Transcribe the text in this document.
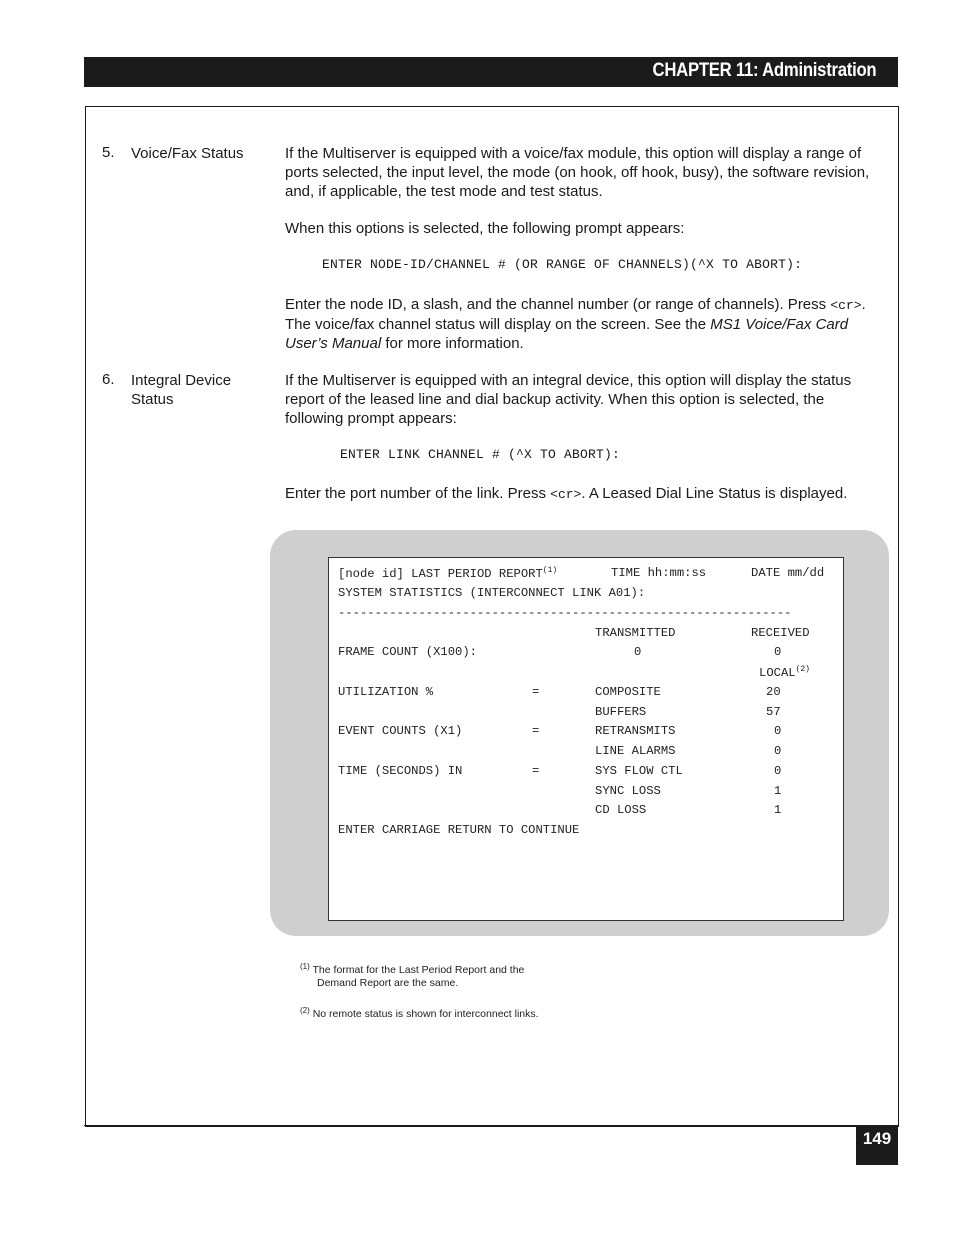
CHAPTER 11: Administration
5. Voice/Fax Status	If the Multiserver is equipped with a voice/fax module, this option will display a range of ports selected, the input level, the mode (on hook, off hook, busy), the software revision, and, if applicable, the test mode and test status.
When this options is selected, the following prompt appears:
ENTER NODE-ID/CHANNEL # (OR RANGE OF CHANNELS)(^X TO ABORT):
Enter the node ID, a slash, and the channel number (or range of channels). Press <cr>. The voice/fax channel status will display on the screen. See the MS1 Voice/Fax Card User’s Manual for more information.
6. Integral Device Status
If the Multiserver is equipped with an integral device, this option will display the status report of the leased line and dial backup activity. When this option is selected, the following prompt appears:
ENTER LINK CHANNEL # (^X TO ABORT):
Enter the port number of the link. Press <cr>. A Leased Dial Line Status is displayed.
[node id] LAST PERIOD REPORT$^{(1)}$	TIME hh:mm:ss	DATE mm/dd
SYSTEM STATISTICS (INTERCONNECT LINK A01):
--------------------------------------------------------------
TRANSMITTED	RECEIVED
FRAME COUNT (X100):	0	0
LOCAL$^{(2)}$
UTILIZATION %	=	COMPOSITE	20
BUFFERS	57
EVENT COUNTS (X1)	=	RETRANSMITS	0
LINE ALARMS	0
TIME (SECONDS) IN	=	SYS FLOW CTL	0
SYNC LOSS	1
CD LOSS	1
ENTER CARRIAGE RETURN TO CONTINUE
$^{(1)}$ The format for the Last Period Report and the
Demand Report are the same.
$^{(2)}$ No remote status is shown for interconnect links.
149
